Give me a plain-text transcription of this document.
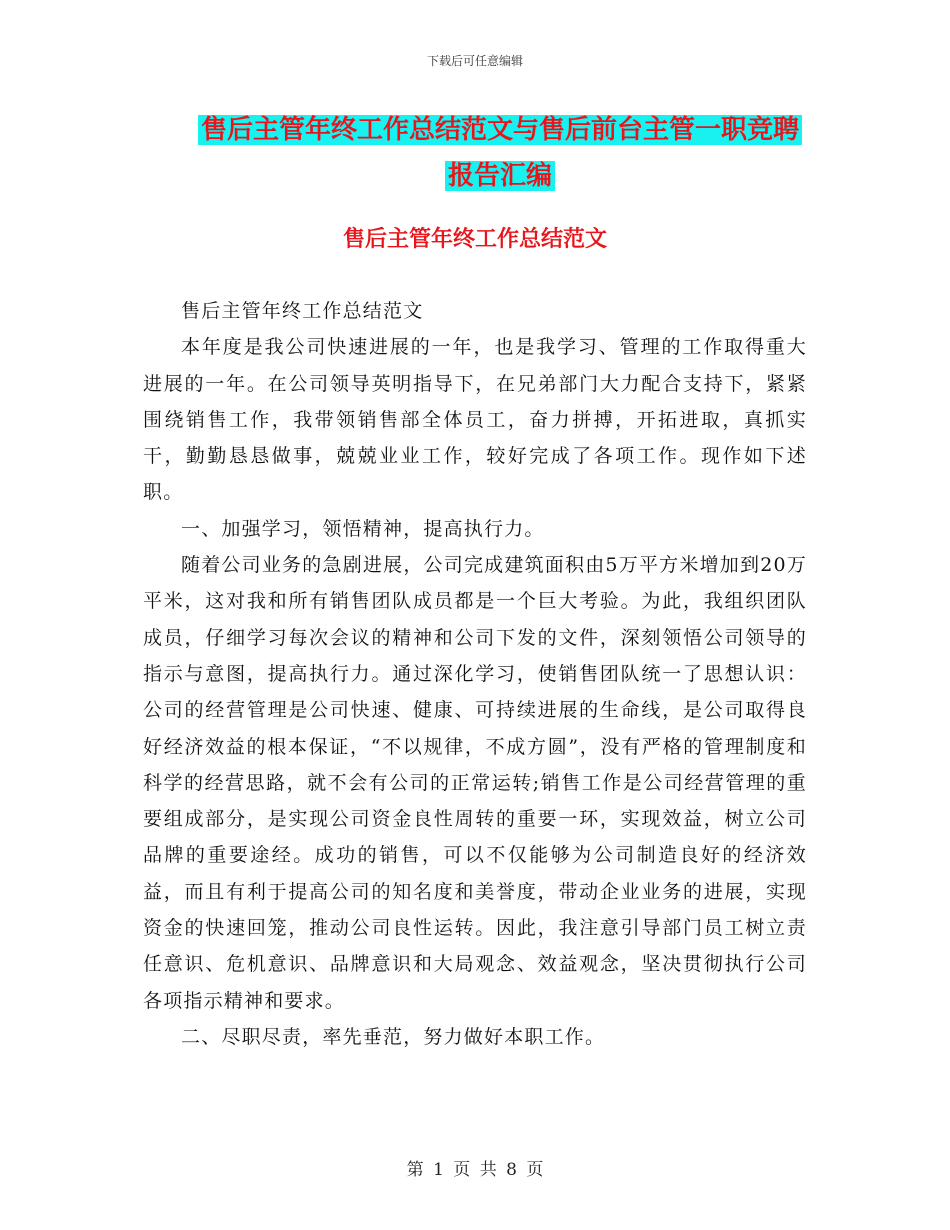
下载后可任意编辑
售后主管年终工作总结范文与售后前台主管一职竞聘
报告汇编
售后主管年终工作总结范文

售后主管年终工作总结范文

本年度是我公司快速进展的一年，也是我学习、管理的工作取得重大进展的一年。在公司领导英明指导下，在兄弟部门大力配合支持下，紧紧围绕销售工作，我带领销售部全体员工，奋力拼搏，开拓进取，真抓实干，勤勤恳恳做事，兢兢业业工作，较好完成了各项工作。现作如下述职。

一、加强学习，领悟精神，提高执行力。

随着公司业务的急剧进展，公司完成建筑面积由5万平方米增加到20万平米，这对我和所有销售团队成员都是一个巨大考验。为此，我组织团队成员，仔细学习每次会议的精神和公司下发的文件，深刻领悟公司领导的指示与意图，提高执行力。通过深化学习，使销售团队统一了思想认识：公司的经营管理是公司快速、健康、可持续进展的生命线，是公司取得良好经济效益的根本保证，“不以规律，不成方圆”，没有严格的管理制度和科学的经营思路，就不会有公司的正常运转;销售工作是公司经营管理的重要组成部分，是实现公司资金良性周转的重要一环，实现效益，树立公司品牌的重要途经。成功的销售，可以不仅能够为公司制造良好的经济效益，而且有利于提高公司的知名度和美誉度，带动企业业务的进展，实现资金的快速回笼，推动公司良性运转。因此，我注意引导部门员工树立责任意识、危机意识、品牌意识和大局观念、效益观念，坚决贯彻执行公司各项指示精神和要求。

二、尽职尽责，率先垂范，努力做好本职工作。

第 1 页 共 8 页
